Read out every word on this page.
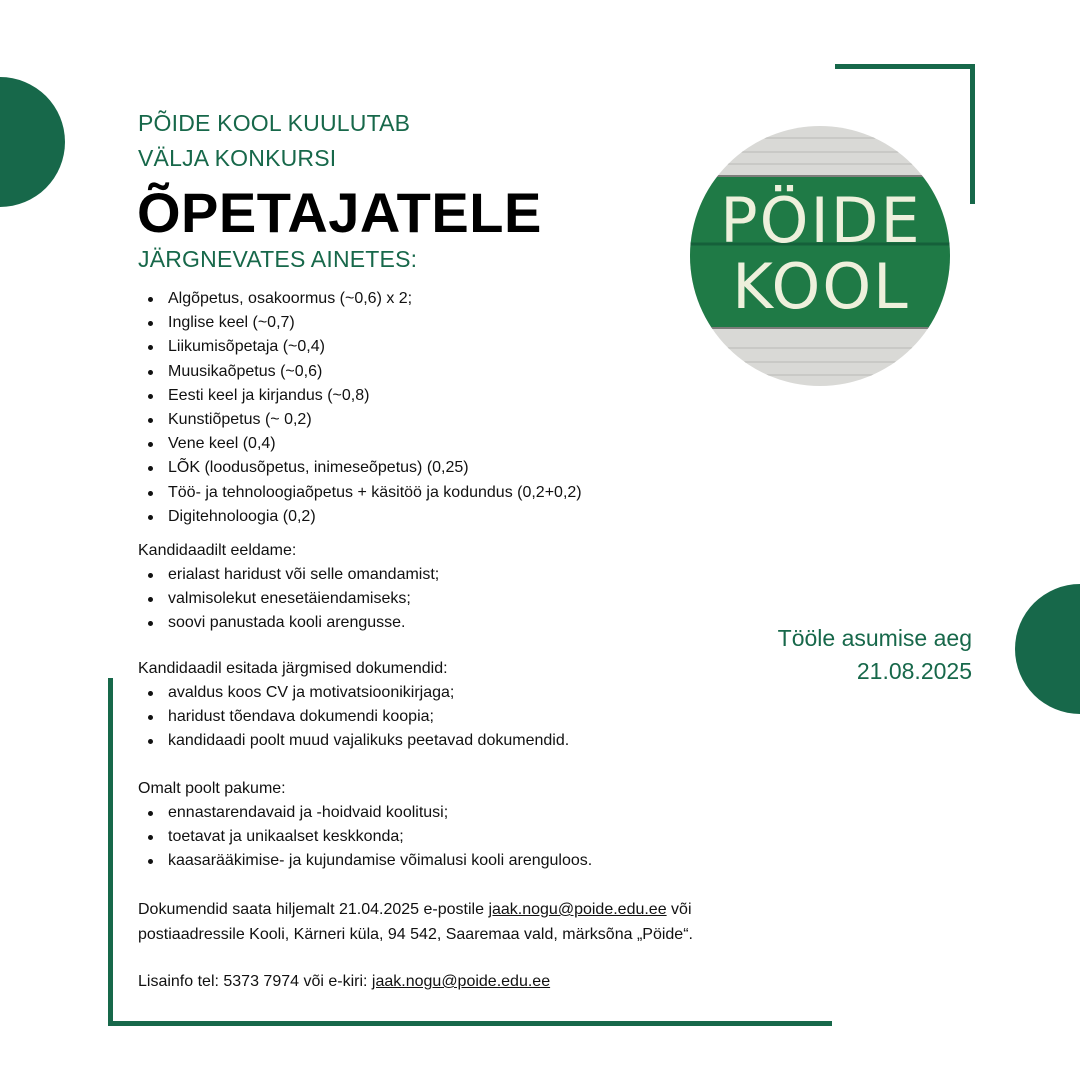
PÕIDE KOOL KUULUTAB
VÄLJA KONKURSI
ÕPETAJATELE
JÄRGNEVATES AINETES:
Algõpetus, osakoormus (~0,6) x 2;
Inglise keel (~0,7)
Liikumisõpetaja (~0,4)
Muusikaõpetus (~0,6)
Eesti keel ja kirjandus (~0,8)
Kunstiõpetus (~ 0,2)
Vene keel (0,4)
LÕK (loodusõpetus, inimeseõpetus) (0,25)
Töö- ja tehnoloogiaõpetus + käsitöö ja kodundus (0,2+0,2)
Digitehnoloogia (0,2)
Kandidaadilt eeldame:
erialast haridust või selle omandamist;
valmisolekut enesetäiendamiseks;
soovi panustada kooli arengusse.
Kandidaadil esitada järgmised dokumendid:
avaldus koos CV ja motivatsioonikirjaga;
haridust tõendava dokumendi koopia;
kandidaadi poolt muud vajalikuks peetavad dokumendid.
Omalt poolt pakume:
ennastarendavaid ja -hoidvaid koolitusi;
toetavat ja unikaalset keskkonda;
kaasarääkimise- ja kujundamise võimalusi kooli arenguloos.
Dokumendid saata hiljemalt 21.04.2025 e-postile jaak.nogu@poide.edu.ee või postiaadressile Kooli, Kärneri küla, 94 542, Saaremaa vald, märksõna „Pöide“.
Lisainfo tel: 5373 7974 või e-kiri: jaak.nogu@poide.edu.ee
Tööle asumise aeg
21.08.2025
PÖIDE
KOOL
